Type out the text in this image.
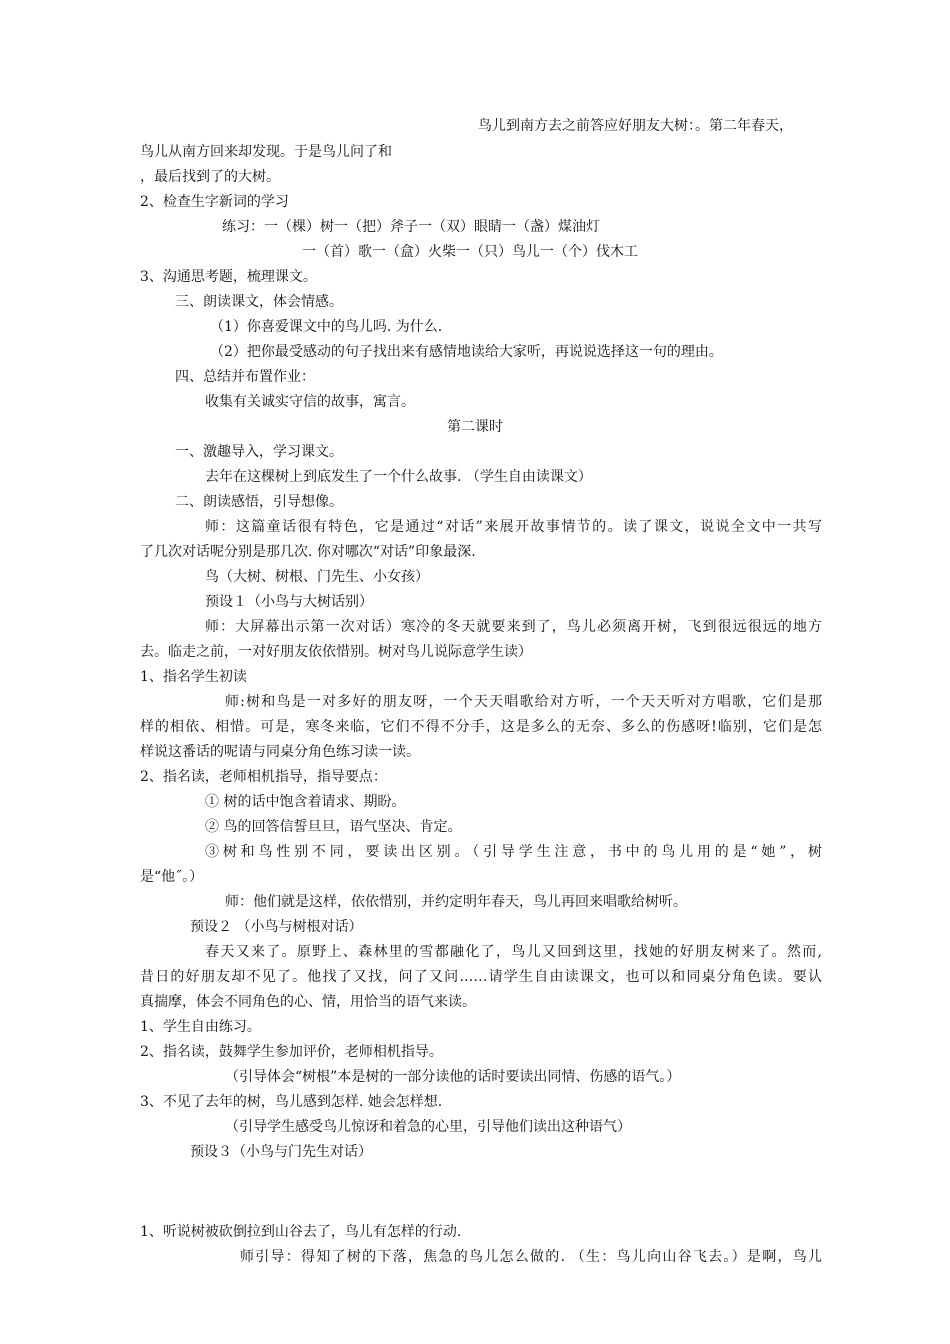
鸟儿到南方去之前答应好朋友大树：。第二年春天，
鸟儿从南方回来却发现。于是鸟儿问了和
，最后找到了的大树。
2、检查生字新词的学习
练习：一（棵）树一（把）斧子一（双）眼睛一（盏）煤油灯
一（首）歌一（盒）火柴一（只）鸟儿一（个）伐木工
3、沟通思考题，梳理课文。
三、朗读课文，体会情感。
（1）你喜爱课文中的鸟儿吗. 为什么.
（2）把你最受感动的句子找出来有感情地读给大家听，再说说选择这一句的理由。
四、总结并布置作业：
收集有关诚实守信的故事，寓言。
第二课时
一、激趣导入，学习课文。
去年在这棵树上到底发生了一个什么故事. （学生自由读课文）
二、朗读感悟，引导想像。
师：这篇童话很有特色，它是通过“对话”来展开故事情节的。读了课文，说说全文中一共写
了几次对话呢分别是那几次. 你对哪次“对话”印象最深.
鸟（大树、树根、门先生、小女孩）
预设１（小鸟与大树话别）
师：大屏幕出示第一次对话）寒冷的冬天就要来到了，鸟儿必须离开树，飞到很远很远的地方
去。临走之前，一对好朋友依依惜别。树对鸟儿说际意学生读）
1、指名学生初读
师:树和鸟是一对多好的朋友呀，一个天天唱歌给对方听，一个天天听对方唱歌，它们是那
样的相依、相惜。可是，寒冬来临，它们不得不分手，这是多么的无奈、多么的伤感呀!临别，它们是怎
样说这番话的呢请与同桌分角色练习读一读。
2、指名读，老师相机指导，指导要点：
① 树的话中饱含着请求、期盼。
② 鸟的回答信誓旦旦，语气坚决、肯定。
③树和鸟性别不同，要读出区别。（引导学生注意，书中的鸟儿用的是“她”，树
是“他˝。）
师：他们就是这样，依依惜别，并约定明年春天，鸟儿再回来唱歌给树听。
预设２ （小鸟与树根对话）
春天又来了。原野上、森林里的雪都融化了，鸟儿又回到这里，找她的好朋友树来了。然而,
昔日的好朋友却不见了。他找了又找，问了又问……请学生自由读课文，也可以和同桌分角色读。要认
真揣摩，体会不同角色的心、情，用恰当的语气来读。
1、学生自由练习。
2、指名读，鼓舞学生参加评价，老师相机指导。
（引导体会“树根”本是树的一部分读他的话时要读出同情、伤感的语气。）
3、不见了去年的树，鸟儿感到怎样. 她会怎样想.
（引导学生感受鸟儿惊讶和着急的心里，引导他们读出这种语气）
预设３（小鸟与门先生对话）
1、听说树被砍倒拉到山谷去了，鸟儿有怎样的行动.
师引导：得知了树的下落，焦急的鸟儿怎么做的. （生：鸟儿向山谷飞去。）是啊，鸟儿
